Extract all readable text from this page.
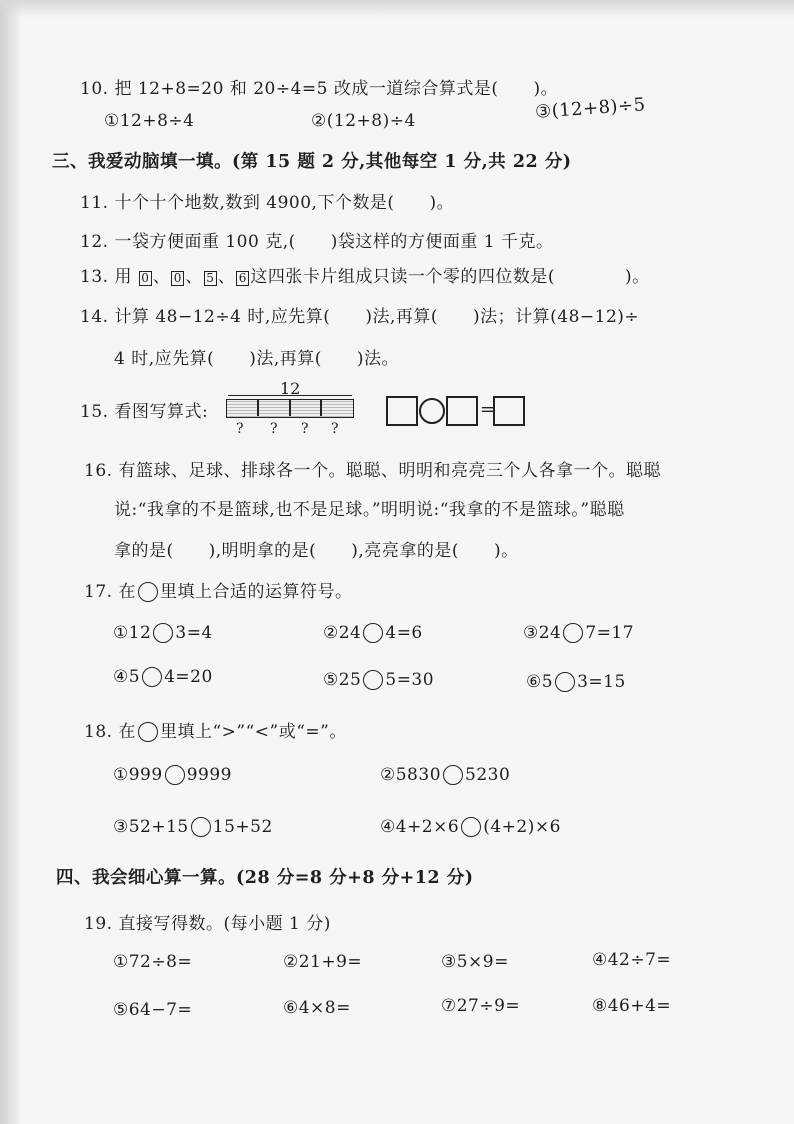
10. 把 12+8=20 和 20÷4=5 改成一道综合算式是(　　)。
①12+8÷4	②(12+8)÷4	③(12+8)÷5
三、我爱动脑填一填。(第 15 题 2 分,其他每空 1 分,共 22 分)
11. 十个十个地数,数到 4900,下个数是(　　)。
12. 一袋方便面重 100 克,(　　)袋这样的方便面重 1 千克。
13. 用 0 、 0 、 5 、 6 这四张卡片组成只读一个零的四位数是(　　　　)。
14. 计算 48−12÷4 时,应先算(　　)法,再算(　　)法；计算(48−12)÷
4 时,应先算(　　)法,再算(　　)法。
15. 看图写算式:
12
? ? ? ?
=
16. 有篮球、足球、排球各一个。聪聪、明明和亮亮三个人各拿一个。聪聪
说:“我拿的不是篮球,也不是足球。”明明说:“我拿的不是篮球。”聪聪
拿的是(　　),明明拿的是(　　),亮亮拿的是(　　)。
17. 在 里填上合适的运算符号。
①12 3=4	②24 4=6	③24 7=17
④5 4=20	⑤25 5=30	⑥5 3=15
18. 在 里填上“>”“<”或“=”。
①999 9999	②5830 5230
③52+15 15+52	④4+2×6 (4+2)×6
四、我会细心算一算。(28 分=8 分+8 分+12 分)
19. 直接写得数。(每小题 1 分)
①72÷8=	②21+9=	③5×9=	④42÷7=
⑤64−7=	⑥4×8=	⑦27÷9=	⑧46+4=
